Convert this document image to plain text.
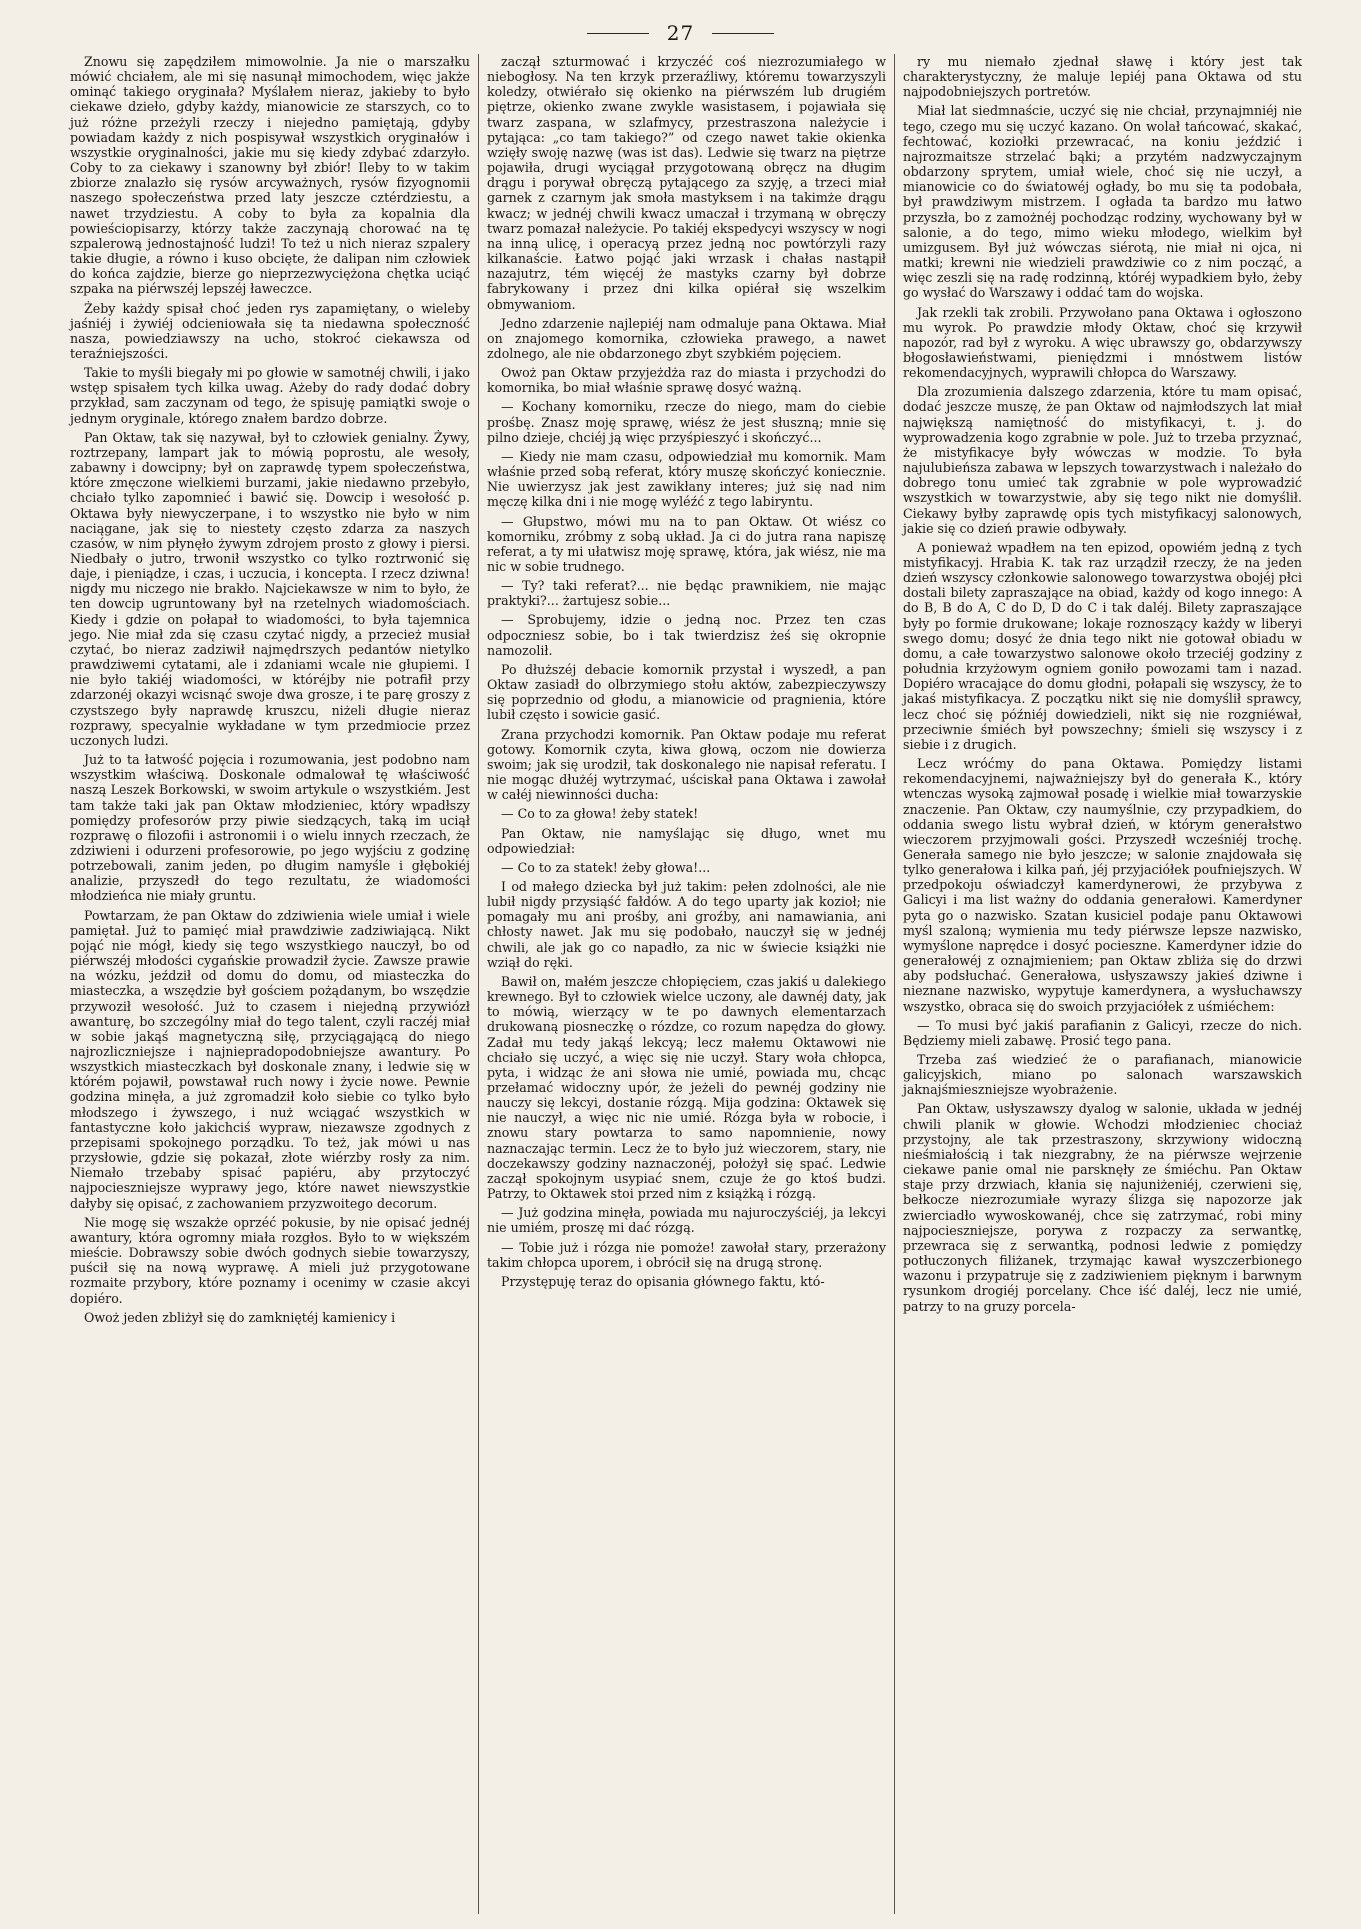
27

Znowu się zapędziłem mimowolnie. Ja nie o marszałku mówić chciałem, ale mi się nasunął mimochodem, więc jakże ominąć takiego oryginała? Myślałem nieraz, jakieby to było ciekawe dzieło, gdyby każdy, mianowicie ze starszych, co to już różne przeżyli rzeczy i niejedno pamiętają, gdyby powiadam każdy z nich pospisywał wszystkich oryginałów i wszystkie oryginalności, jakie mu się kiedy zdybać zdarzyło. Coby to za ciekawy i szanowny był zbiór! Ileby to w takim zbiorze znalazło się rysów arcyważnych, rysów fizyognomii naszego społeczeństwa przed laty jeszcze cztérdziestu, a nawet trzydziestu. A coby to była za kopalnia dla powieściopisarzy, którzy także zaczynają chorować na tę szpalerową jednostajność ludzi! To też u nich nieraz szpalery takie długie, a równo i kuso obcięte, że dalipan nim człowiek do końca zajdzie, bierze go nieprzezwyciężona chętka uciąć szpaka na piérwszéj lepszéj ławeczce.

Żeby każdy spisał choć jeden rys zapamiętany, o wieleby jaśniéj i żywiéj odcieniowała się ta niedawna społeczność nasza, powiedziawszy na ucho, stokroć ciekawsza od teraźniejszości.

Takie to myśli biegały mi po głowie w samotnéj chwili, i jako wstęp spisałem tych kilka uwag. Ażeby do rady dodać dobry przykład, sam zaczynam od tego, że spisuję pamiątki swoje o jednym oryginale, którego znałem bardzo dobrze.

Pan Oktaw, tak się nazywał, był to człowiek genialny. Żywy, roztrzepany, lampart jak to mówią poprostu, ale wesoły, zabawny i dowcipny; był on zaprawdę typem społeczeństwa, które zmęczone wielkiemi burzami, jakie niedawno przebyło, chciało tylko zapomnieć i bawić się. Dowcip i wesołość p. Oktawa były niewyczerpane, i to wszystko nie było w nim naciągane, jak się to niestety często zdarza za naszych czasów, w nim płynęło żywym zdrojem prosto z głowy i piersi. Niedbały o jutro, trwonił wszystko co tylko roztrwonić się daje, i pieniądze, i czas, i uczucia, i koncepta. I rzecz dziwna! nigdy mu niczego nie brakło. Najciekawsze w nim to było, że ten dowcip ugruntowany był na rzetelnych wiadomościach. Kiedy i gdzie on połapał to wiadomości, to była tajemnica jego. Nie miał zda się czasu czytać nigdy, a przecież musiał czytać, bo nieraz zadziwił najmędrszych pedantów nietylko prawdziwemi cytatami, ale i zdaniami wcale nie głupiemi. I nie było takiéj wiadomości, w któréjby nie potrafił przy zdarzonéj okazyi wcisnąć swoje dwa grosze, i te parę groszy z czystszego były naprawdę kruszcu, niżeli długie nieraz rozprawy, specyalnie wykładane w tym przedmiocie przez uczonych ludzi.

Już to ta łatwość pojęcia i rozumowania, jest podobno nam wszystkim właściwą. Doskonale odmalował tę właściwość naszą Leszek Borkowski, w swoim artykule o wszystkiém. Jest tam także taki jak pan Oktaw młodzieniec, który wpadłszy pomiędzy profesorów przy piwie siedzących, taką im uciął rozprawę o filozofii i astronomii i o wielu innych rzeczach, że zdziwieni i odurzeni profesorowie, po jego wyjściu z godzinę potrzebowali, zanim jeden, po długim namyśle i głębokiéj analizie, przyszedł do tego rezultatu, że wiadomości młodzieńca nie miały gruntu.

Powtarzam, że pan Oktaw do zdziwienia wiele umiał i wiele pamiętał. Już to pamięć miał prawdziwie zadziwiającą. Nikt pojąć nie mógł, kiedy się tego wszystkiego nauczył, bo od piérwszéj młodości cygańskie prowadził życie. Zawsze prawie na wózku, jeździł od domu do domu, od miasteczka do miasteczka, a wszędzie był gościem pożądanym, bo wszędzie przywoził wesołość. Już to czasem i niejedną przywiózł awanturę, bo szczególny miał do tego talent, czyli raczéj miał w sobie jakąś magnetyczną siłę, przyciągającą do niego najrozliczniejsze i najniepradopodobniejsze awantury. Po wszystkich miasteczkach był doskonale znany, i ledwie się w którém pojawił, powstawał ruch nowy i życie nowe. Pewnie godzina minęła, a już zgromadził koło siebie co tylko było młodszego i żywszego, i nuż wciągać wszystkich w fantastyczne koło jakichciś wypraw, niezawsze zgodnych z przepisami spokojnego porządku. To też, jak mówi u nas przysłowie, gdzie się pokazał, złote wiérzby rosły za nim. Niemało trzebaby spisać papiéru, aby przytoczyć najpocieszniejsze wyprawy jego, które nawet niewszystkie dałyby się opisać, z zachowaniem przyzwoitego decorum.

Nie mogę się wszakże oprzéć pokusie, by nie opisać jednéj awantury, która ogromny miała rozgłos. Było to w większém mieście. Dobrawszy sobie dwóch godnych siebie towarzyszy, puścił się na nową wyprawę. A mieli już przygotowane rozmaite przybory, które poznamy i ocenimy w czasie akcyi dopiéro.

Owoż jeden zbliżył się do zamkniętéj kamienicy i

zaczął szturmować i krzyczéć coś niezrozumiałego w niebogłosy. Na ten krzyk przeraźliwy, któremu towarzyszyli koledzy, otwiérało się okienko na piérwszém lub drugiém piętrze, okienko zwane zwykle wasistasem, i pojawiała się twarz zaspana, w szlafmycy, przestraszona należycie i pytająca: „co tam takiego?” od czego nawet takie okienka wzięły swoję nazwę (was ist das). Ledwie się twarz na piętrze pojawiła, drugi wyciągał przygotowaną obręcz na długim drągu i porywał obręczą pytającego za szyję, a trzeci miał garnek z czarnym jak smoła mastyksem i na takimże drągu kwacz; w jednéj chwili kwacz umaczał i trzymaną w obręczy twarz pomazał należycie. Po takiéj ekspedycyi wszyscy w nogi na inną ulicę, i operacyą przez jedną noc powtórzyli razy kilkanaście. Łatwo pojąć jaki wrzask i chałas nastąpił nazajutrz, tém więcéj że mastyks czarny był dobrze fabrykowany i przez dni kilka opiérał się wszelkim obmywaniom.

Jedno zdarzenie najlepiéj nam odmaluje pana Oktawa. Miał on znajomego komornika, człowieka prawego, a nawet zdolnego, ale nie obdarzonego zbyt szybkiém pojęciem.

Owoż pan Oktaw przyjeżdża raz do miasta i przychodzi do komornika, bo miał właśnie sprawę dosyć ważną.

— Kochany komorniku, rzecze do niego, mam do ciebie prośbę. Znasz moję sprawę, wiész że jest słuszną; mnie się pilno dzieje, chciéj ją więc przyśpieszyć i skończyć...

— Kiedy nie mam czasu, odpowiedział mu komornik. Mam właśnie przed sobą referat, który muszę skończyć koniecznie. Nie uwierzysz jak jest zawikłany interes; już się nad nim męczę kilka dni i nie mogę wyléźć z tego labiryntu.

— Głupstwo, mówi mu na to pan Oktaw. Ot wiész co komorniku, zróbmy z sobą układ. Ja ci do jutra rana napiszę referat, a ty mi ułatwisz moję sprawę, która, jak wiész, nie ma nic w sobie trudnego.

— Ty? taki referat?... nie będąc prawnikiem, nie mając praktyki?... żartujesz sobie...

— Sprobujemy, idzie o jedną noc. Przez ten czas odpoczniesz sobie, bo i tak twierdzisz żeś się okropnie namozolił.

Po dłuższéj debacie komornik przystał i wyszedł, a pan Oktaw zasiadł do olbrzymiego stołu aktów, zabezpieczywszy się poprzednio od głodu, a mianowicie od pragnienia, które lubił często i sowicie gasić.

Zrana przychodzi komornik. Pan Oktaw podaje mu referat gotowy. Komornik czyta, kiwa głową, oczom nie dowierza swoim; jak się urodził, tak doskonalego nie napisał referatu. I nie mogąc dłużéj wytrzymać, uściskał pana Oktawa i zawołał w całéj niewinności ducha:

— Co to za głowa! żeby statek!

Pan Oktaw, nie namyślając się długo, wnet mu odpowiedział:

— Co to za statek! żeby głowa!...

I od małego dziecka był już takim: pełen zdolności, ale nie lubił nigdy przysiąść fałdów. A do tego uparty jak kozioł; nie pomagały mu ani prośby, ani groźby, ani namawiania, ani chłosty nawet. Jak mu się podobało, nauczył się w jednéj chwili, ale jak go co napadło, za nic w świecie książki nie wziął do ręki.

Bawił on, małém jeszcze chłopięciem, czas jakiś u dalekiego krewnego. Był to człowiek wielce uczony, ale dawnéj daty, jak to mówią, wierzący w te po dawnych elementarzach drukowaną piosneczkę o rózdze, co rozum napędza do głowy. Zadał mu tedy jakąś lekcyą; lecz małemu Oktawowi nie chciało się uczyć, a więc się nie uczył. Stary woła chłopca, pyta, i widząc że ani słowa nie umié, powiada mu, chcąc przełamać widoczny upór, że jeżeli do pewnéj godziny nie nauczy się lekcyi, dostanie rózgą. Mija godzina: Oktawek się nie nauczył, a więc nic nie umié. Rózga była w robocie, i znowu stary powtarza to samo napomnienie, nowy naznaczając termin. Lecz że to było już wieczorem, stary, nie doczekawszy godziny naznaczonéj, położył się spać. Ledwie zaczął spokojnym usypiać snem, czuje że go ktoś budzi. Patrzy, to Oktawek stoi przed nim z książką i rózgą.

— Już godzina minęła, powiada mu najuroczyściéj, ja lekcyi nie umiém, proszę mi dać rózgą.

— Tobie już i rózga nie pomoże! zawołał stary, przerażony takim chłopca uporem, i obrócił się na drugą stronę.

Przystępuję teraz do opisania głównego faktu, któ-

ry mu niemało zjednał sławę i który jest tak charakterystyczny, że maluje lepiéj pana Oktawa od stu najpodobniejszych portretów.

Miał lat siedmnaście, uczyć się nie chciał, przynajmniéj nie tego, czego mu się uczyć kazano. On wolał tańcować, skakać, fechtować, koziołki przewracać, na koniu jeździć i najrozmaitsze strzelać bąki; a przytém nadzwyczajnym obdarzony sprytem, umiał wiele, choć się nie uczył, a mianowicie co do światowéj ogłady, bo mu się ta podobała, był prawdziwym mistrzem. I ogłada ta bardzo mu łatwo przyszła, bo z zamożnéj pochodząc rodziny, wychowany był w salonie, a do tego, mimo wieku młodego, wielkim był umizgusem. Był już wówczas siérotą, nie miał ni ojca, ni matki; krewni nie wiedzieli prawdziwie co z nim począć, a więc zeszli się na radę rodzinną, któréj wypadkiem było, żeby go wysłać do Warszawy i oddać tam do wojska.

Jak rzekli tak zrobili. Przywołano pana Oktawa i ogłoszono mu wyrok. Po prawdzie młody Oktaw, choć się krzywił napozór, rad był z wyroku. A więc ubrawszy go, obdarzywszy błogosławieństwami, pieniędzmi i mnóstwem listów rekomendacyjnych, wyprawili chłopca do Warszawy.

Dla zrozumienia dalszego zdarzenia, które tu mam opisać, dodać jeszcze muszę, że pan Oktaw od najmłodszych lat miał największą namiętność do mistyfikacyi, t. j. do wyprowadzenia kogo zgrabnie w pole. Już to trzeba przyznać, że mistyfikacye były wówczas w modzie. To była najulubieńsza zabawa w lepszych towarzystwach i należało do dobrego tonu umieć tak zgrabnie w pole wyprowadzić wszystkich w towarzystwie, aby się tego nikt nie domyślił. Ciekawy byłby zaprawdę opis tych mistyfikacyj salonowych, jakie się co dzień prawie odbywały.

A ponieważ wpadłem na ten epizod, opowiém jedną z tych mistyfikacyj. Hrabia K. tak raz urządził rzeczy, że na jeden dzień wszyscy członkowie salonowego towarzystwa obojéj płci dostali bilety zapraszające na obiad, każdy od kogo innego: A do B, B do A, C do D, D do C i tak daléj. Bilety zapraszające były po formie drukowane; lokaje roznoszący każdy w liberyi swego domu; dosyć że dnia tego nikt nie gotował obiadu w domu, a całe towarzystwo salonowe około trzeciéj godziny z południa krzyżowym ogniem goniło powozami tam i nazad. Dopiéro wracające do domu głodni, połapali się wszyscy, że to jakaś mistyfikacya. Z początku nikt się nie domyślił sprawcy, lecz choć się późniéj dowiedzieli, nikt się nie rozgniéwał, przeciwnie śmiéch był powszechny; śmieli się wszyscy i z siebie i z drugich.

Lecz wróćmy do pana Oktawa. Pomiędzy listami rekomendacyjnemi, najważniejszy był do generała K., który wtenczas wysoką zajmował posadę i wielkie miał towarzyskie znaczenie. Pan Oktaw, czy naumyślnie, czy przypadkiem, do oddania swego listu wybrał dzień, w którym generałstwo wieczorem przyjmowali gości. Przyszedł wcześniéj trochę. Generała samego nie było jeszcze; w salonie znajdowała się tylko generałowa i kilka pań, jéj przyjaciółek poufniejszych. W przedpokoju oświadczył kamerdynerowi, że przybywa z Galicyi i ma list ważny do oddania generałowi. Kamerdyner pyta go o nazwisko. Szatan kusiciel podaje panu Oktawowi myśl szaloną; wymienia mu tedy piérwsze lepsze nazwisko, wymyślone naprędce i dosyć pocieszne. Kamerdyner idzie do generałowéj z oznajmieniem; pan Oktaw zbliża się do drzwi aby podsłuchać. Generałowa, usłyszawszy jakieś dziwne i nieznane nazwisko, wypytuje kamerdynera, a wysłuchawszy wszystko, obraca się do swoich przyjaciółek z uśmiéchem:

— To musi być jakiś parafianin z Galicyi, rzecze do nich. Będziemy mieli zabawę. Prosić tego pana.

Trzeba zaś wiedzieć że o parafianach, mianowicie galicyjskich, miano po salonach warszawskich jaknajśmieszniejsze wyobrażenie.

Pan Oktaw, usłyszawszy dyalog w salonie, układa w jednéj chwili planik w głowie. Wchodzi młodzieniec chociaż przystojny, ale tak przestraszony, skrzywiony widoczną nieśmiałością i tak niezgrabny, że na piérwsze wejrzenie ciekawe panie omal nie parsknęły ze śmiéchu. Pan Oktaw staje przy drzwiach, kłania się najuniżeniéj, czerwieni się, bełkocze niezrozumiałe wyrazy ślizga się napozorze jak zwierciadło wywoskowanéj, chce się zatrzymać, robi miny najpocieszniejsze, porywa z rozpaczy za serwantkę, przewraca się z serwantką, podnosi ledwie z pomiędzy potłuczonych filiżanek, trzymając kawał wyszczerbionego wazonu i przypatruje się z zadziwieniem pięknym i barwnym rysunkom drogiéj porcelany. Chce iść daléj, lecz nie umié, patrzy to na gruzy porcela-
